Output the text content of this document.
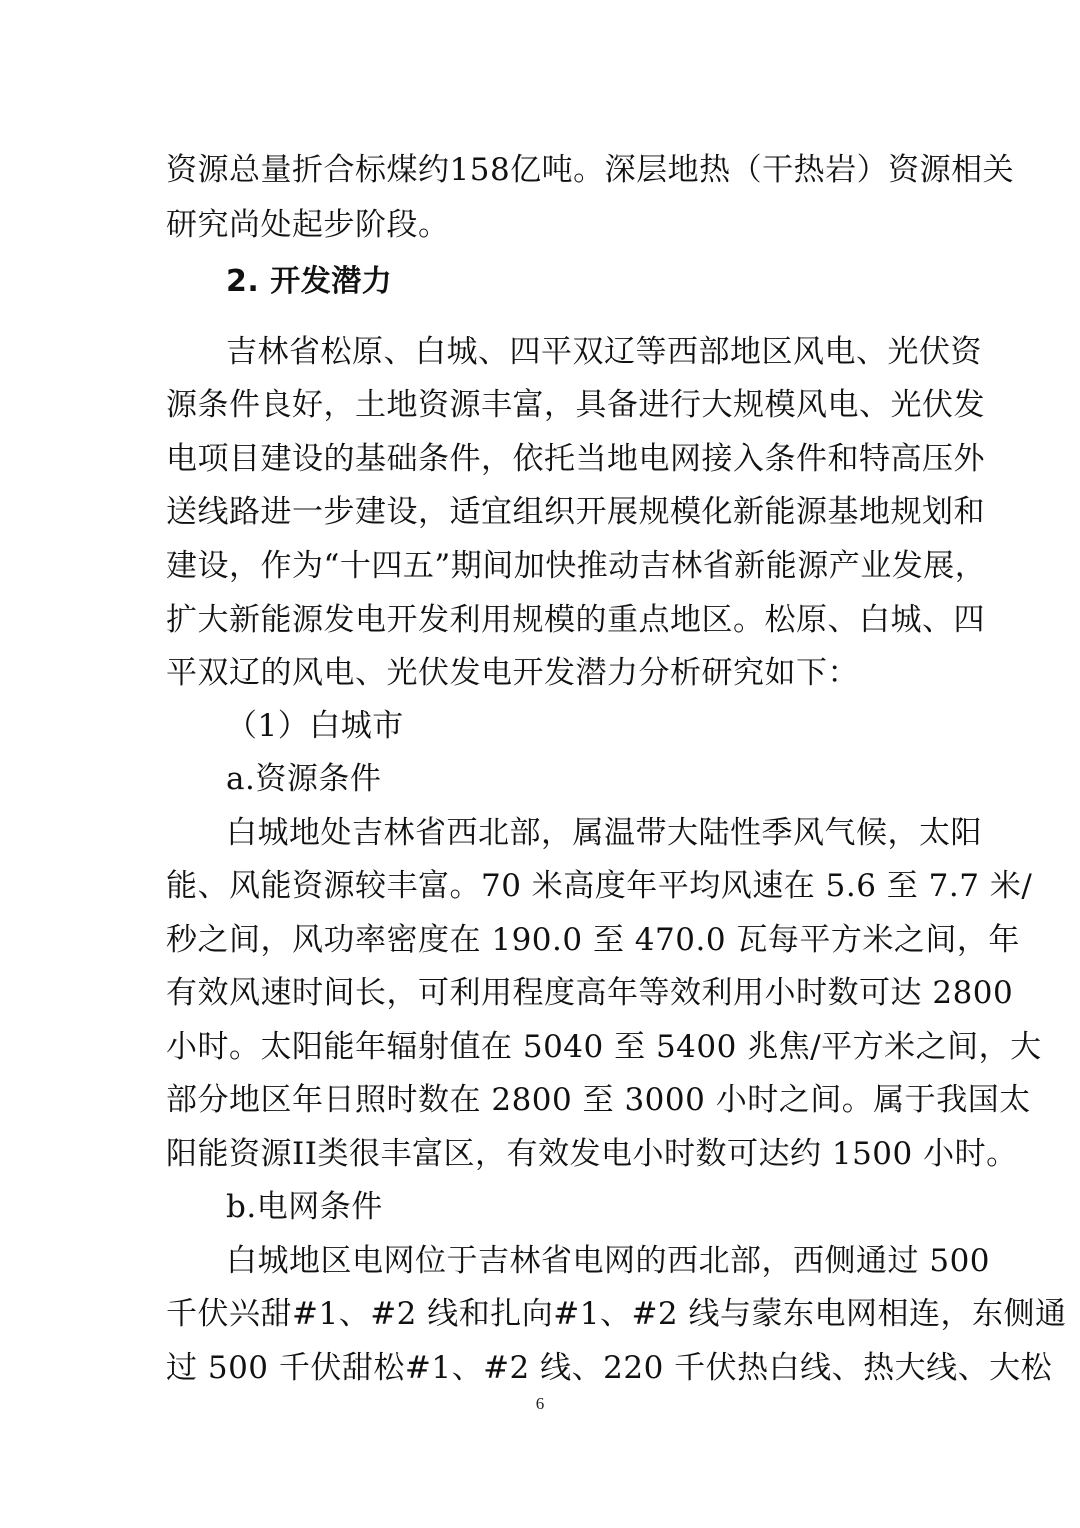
资源总量折合标煤约158亿吨。深层地热（干热岩）资源相关
研究尚处起步阶段。
2. 开发潜力
吉林省松原、白城、四平双辽等西部地区风电、光伏资
源条件良好，土地资源丰富，具备进行大规模风电、光伏发
电项目建设的基础条件，依托当地电网接入条件和特高压外
送线路进一步建设，适宜组织开展规模化新能源基地规划和
建设，作为“十四五”期间加快推动吉林省新能源产业发展，
扩大新能源发电开发利用规模的重点地区。松原、白城、四
平双辽的风电、光伏发电开发潜力分析研究如下：
（1）白城市
a.资源条件
白城地处吉林省西北部，属温带大陆性季风气候，太阳
能、风能资源较丰富。70 米高度年平均风速在 5.6 至 7.7 米/
秒之间，风功率密度在 190.0 至 470.0 瓦每平方米之间，年
有效风速时间长，可利用程度高年等效利用小时数可达 2800
小时。太阳能年辐射值在 5040 至 5400 兆焦/平方米之间，大
部分地区年日照时数在 2800 至 3000 小时之间。属于我国太
阳能资源II类很丰富区，有效发电小时数可达约 1500 小时。
b.电网条件
白城地区电网位于吉林省电网的西北部，西侧通过 500
千伏兴甜#1、#2 线和扎向#1、#2 线与蒙东电网相连，东侧通
过 500 千伏甜松#1、#2 线、220 千伏热白线、热大线、大松
6
